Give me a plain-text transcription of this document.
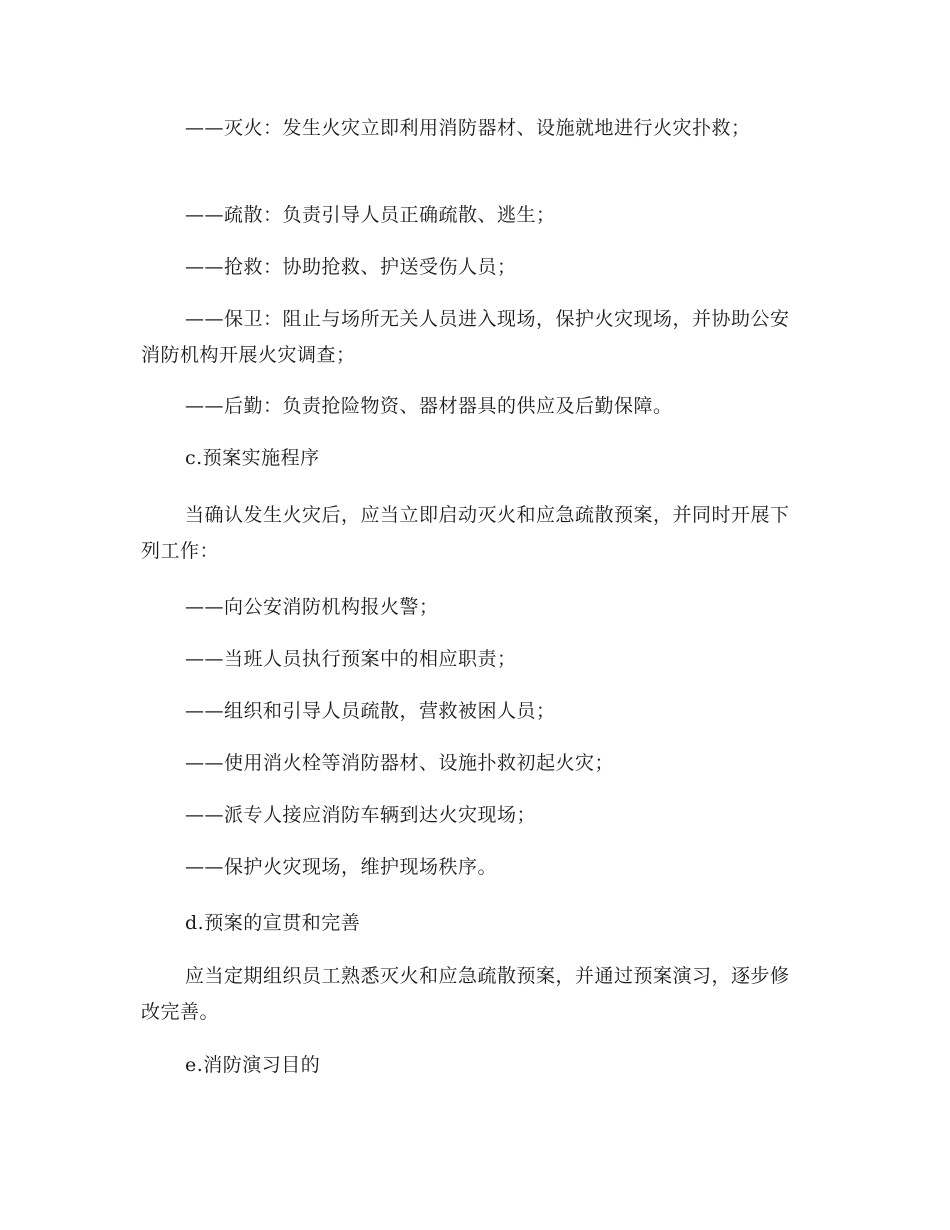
——灭火：发生火灾立即利用消防器材、设施就地进行火灾扑救；

——疏散：负责引导人员正确疏散、逃生；

——抢救：协助抢救、护送受伤人员；

——保卫：阻止与场所无关人员进入现场，保护火灾现场，并协助公安消防机构开展火灾调查；

——后勤：负责抢险物资、器材器具的供应及后勤保障。

c.预案实施程序

当确认发生火灾后，应当立即启动灭火和应急疏散预案，并同时开展下列工作：

——向公安消防机构报火警；

——当班人员执行预案中的相应职责；

——组织和引导人员疏散，营救被困人员；

——使用消火栓等消防器材、设施扑救初起火灾；

——派专人接应消防车辆到达火灾现场；

——保护火灾现场，维护现场秩序。

d.预案的宣贯和完善

应当定期组织员工熟悉灭火和应急疏散预案，并通过预案演习，逐步修改完善。

e.消防演习目的
